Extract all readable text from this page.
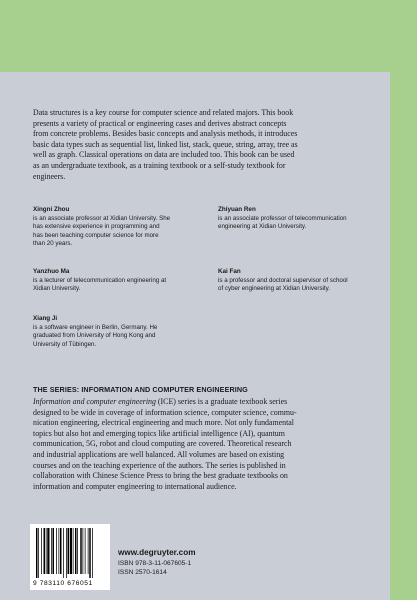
Data structures is a key course for computer science and related majors. This book
presents a variety of practical or engineering cases and derives abstract concepts
from concrete problems. Besides basic concepts and analysis methods, it introduces
basic data types such as sequential list, linked list, stack, queue, string, array, tree as
well as graph. Classical operations on data are included too. This book can be used
as an undergraduate textbook, as a training textbook or a self-study textbook for
engineers.

Xingni Zhou

is an associate professor at Xidian University. She
has extensive experience in programming and
has been teaching computer science for more
than 20 years.

Zhiyuan Ren

is an associate professor of telecommunication
engineering at Xidian University.

Yanzhuo Ma

is a lecturer of telecommunication engineering at
Xidian University.

Kai Fan

is a professor and doctoral supervisor of school
of cyber engineering at Xidian University.

Xiang Ji

is a software engineer in Berlin, Germany. He
graduated from University of Hong Kong and
University of Tübingen.

THE SERIES: INFORMATION AND COMPUTER ENGINEERING

Information and computer engineering (ICE) series is a graduate textbook series
designed to be wide in coverage of information science, computer science, commu-
nication engineering, electrical engineering and much more. Not only fundamental
topics but also hot and emerging topics like artificial intelligence (AI), quantum
communication, 5G, robot and cloud computing are covered. Theoretical research
and industrial applications are well balanced. All volumes are based on existing
courses and on the teaching experience of the authors. The series is published in
collaboration with Chinese Science Press to bring the best graduate textbooks on
information and computer engineering to international audience.

9 783110 676051

www.degruyter.com

ISBN 978-3-11-067605-1

ISSN 2570-1614
